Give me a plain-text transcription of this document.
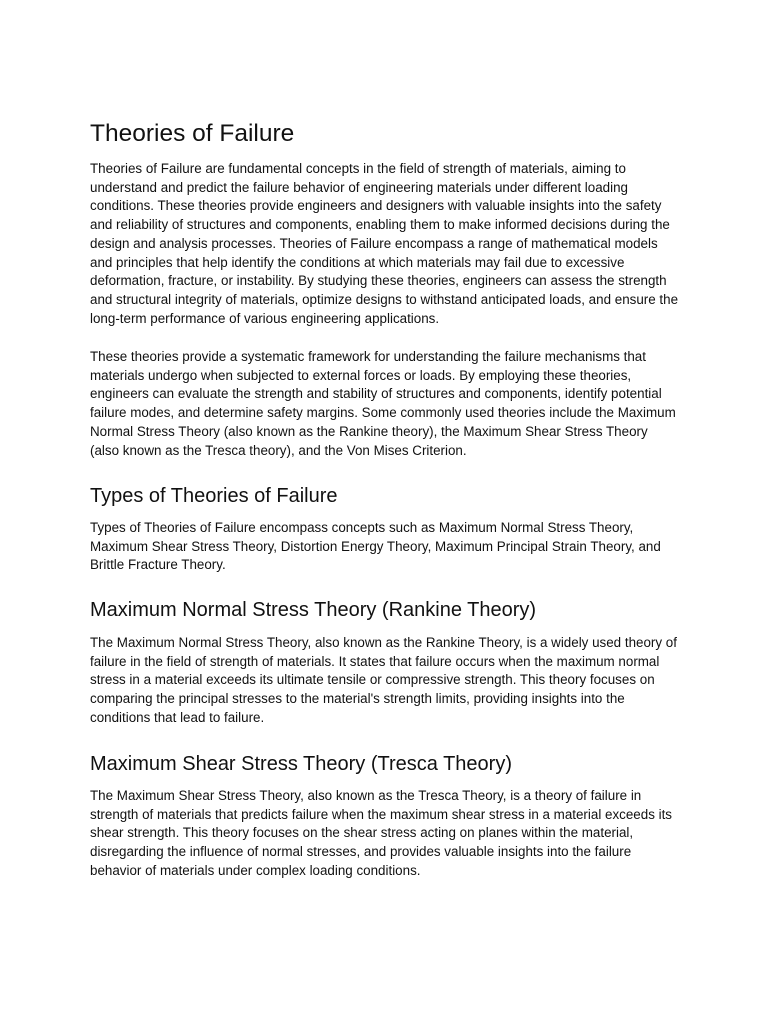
Theories of Failure

Theories of Failure are fundamental concepts in the field of strength of materials, aiming to understand and predict the failure behavior of engineering materials under different loading conditions. These theories provide engineers and designers with valuable insights into the safety and reliability of structures and components, enabling them to make informed decisions during the design and analysis processes. Theories of Failure encompass a range of mathematical models and principles that help identify the conditions at which materials may fail due to excessive deformation, fracture, or instability. By studying these theories, engineers can assess the strength and structural integrity of materials, optimize designs to withstand anticipated loads, and ensure the long-term performance of various engineering applications.

These theories provide a systematic framework for understanding the failure mechanisms that materials undergo when subjected to external forces or loads. By employing these theories, engineers can evaluate the strength and stability of structures and components, identify potential failure modes, and determine safety margins. Some commonly used theories include the Maximum Normal Stress Theory (also known as the Rankine theory), the Maximum Shear Stress Theory (also known as the Tresca theory), and the Von Mises Criterion.

Types of Theories of Failure

Types of Theories of Failure encompass concepts such as Maximum Normal Stress Theory, Maximum Shear Stress Theory, Distortion Energy Theory, Maximum Principal Strain Theory, and Brittle Fracture Theory.

Maximum Normal Stress Theory (Rankine Theory)

The Maximum Normal Stress Theory, also known as the Rankine Theory, is a widely used theory of failure in the field of strength of materials. It states that failure occurs when the maximum normal stress in a material exceeds its ultimate tensile or compressive strength. This theory focuses on comparing the principal stresses to the material's strength limits, providing insights into the conditions that lead to failure.

Maximum Shear Stress Theory (Tresca Theory)

The Maximum Shear Stress Theory, also known as the Tresca Theory, is a theory of failure in strength of materials that predicts failure when the maximum shear stress in a material exceeds its shear strength. This theory focuses on the shear stress acting on planes within the material, disregarding the influence of normal stresses, and provides valuable insights into the failure behavior of materials under complex loading conditions.
